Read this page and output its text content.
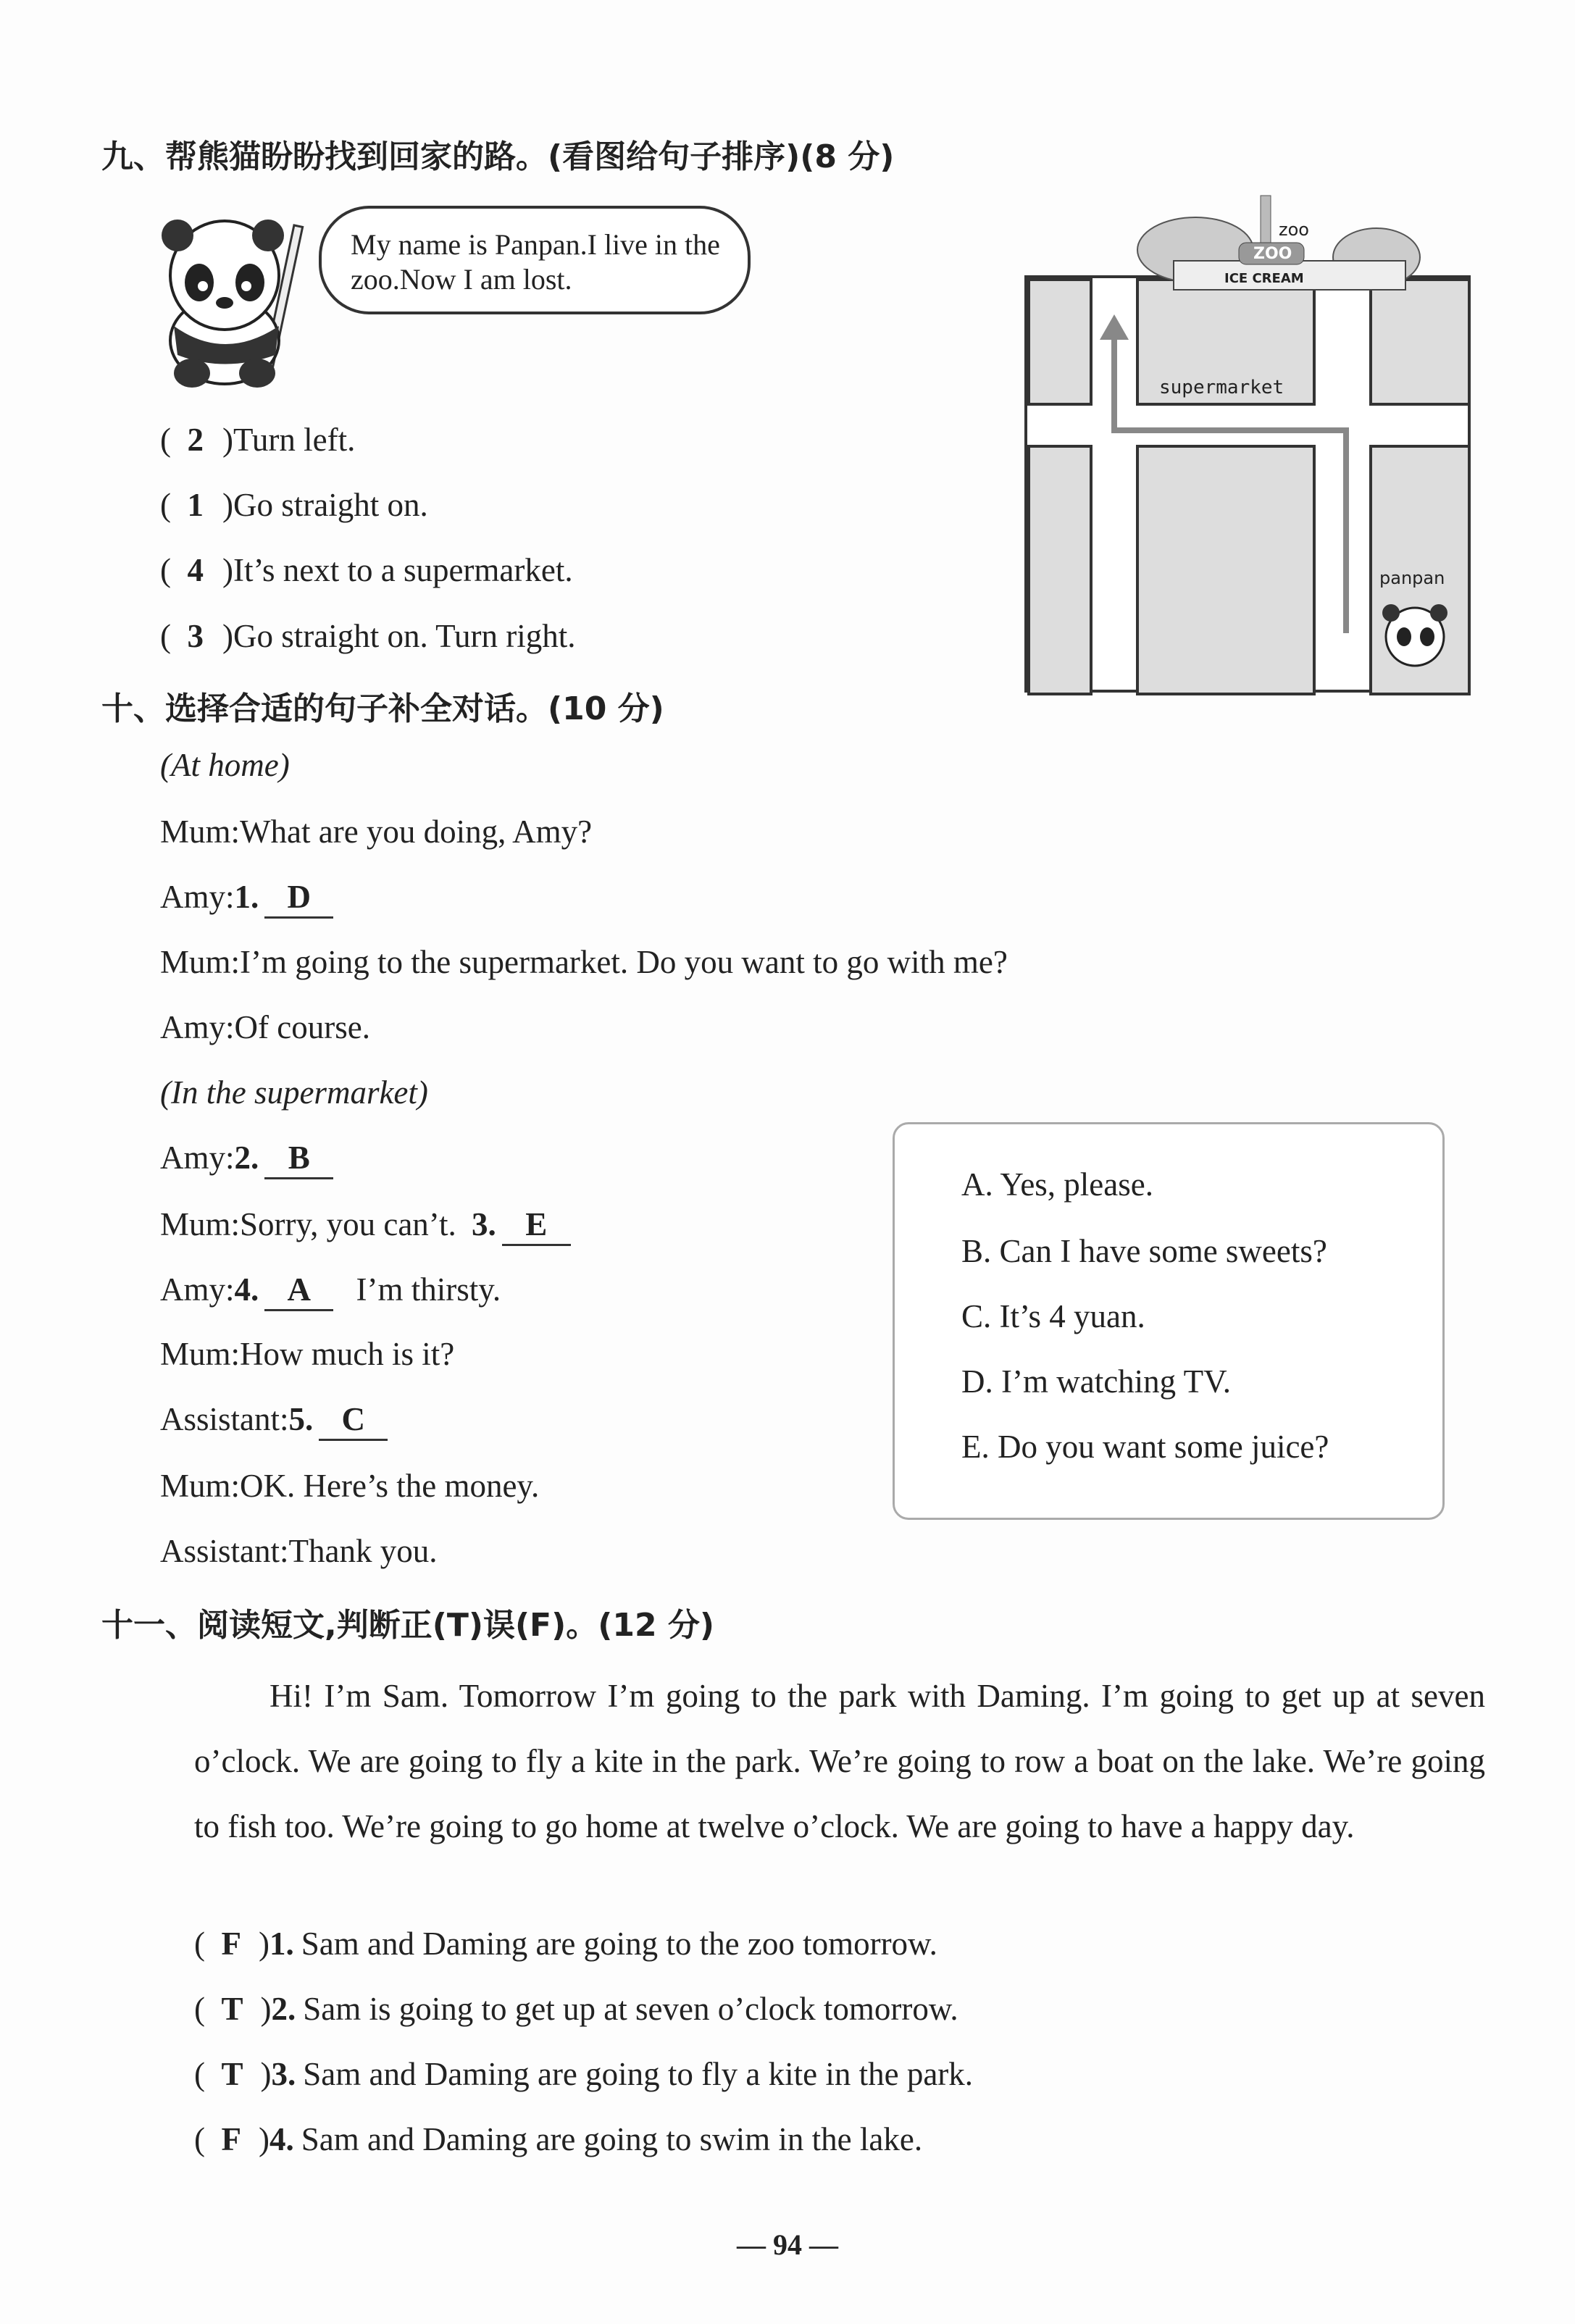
九、帮熊猫盼盼找到回家的路。(看图给句子排序)(8 分)
My name is Panpan.I live in the zoo.Now I am lost.
supermarket
panpan
ZOO
ICE CREAM
zoo
十、选择合适的句子补全对话。(10 分)
A. Yes, please.
B. Can I have some sweets?
C. It’s 4 yuan.
D. I’m watching TV.
E. Do you want some juice?
十一、阅读短文,判断正(T)误(F)。(12 分)
Hi! I’m Sam. Tomorrow I’m going to the park with Daming. I’m going to get up at seven o’clock. We are going to fly a kite in the park. We’re going to row a boat on the lake. We’re going to fish too. We’re going to go home at twelve o’clock. We are going to have a happy day.
— 94 —
(  2 )Turn left.
(  1 )Go straight on.
(  4 )It’s next to a supermarket.
(  3 )Go straight on. Turn right.
(At home)
Mum:What are you doing, Amy?
Amy:1. D
Mum:I’m going to the supermarket. Do you want to go with me?
Amy:Of course.
(In the supermarket)
Amy:2. B
Mum:Sorry, you can’t. 3. E
Amy:4. A I’m thirsty.
Mum:How much is it?
Assistant:5. C
Mum:OK. Here’s the money.
Assistant:Thank you.
(  F )1. Sam and Daming are going to the zoo tomorrow.
(  T )2. Sam is going to get up at seven o’clock tomorrow.
(  T )3. Sam and Daming are going to fly a kite in the park.
(  F )4. Sam and Daming are going to swim in the lake.
